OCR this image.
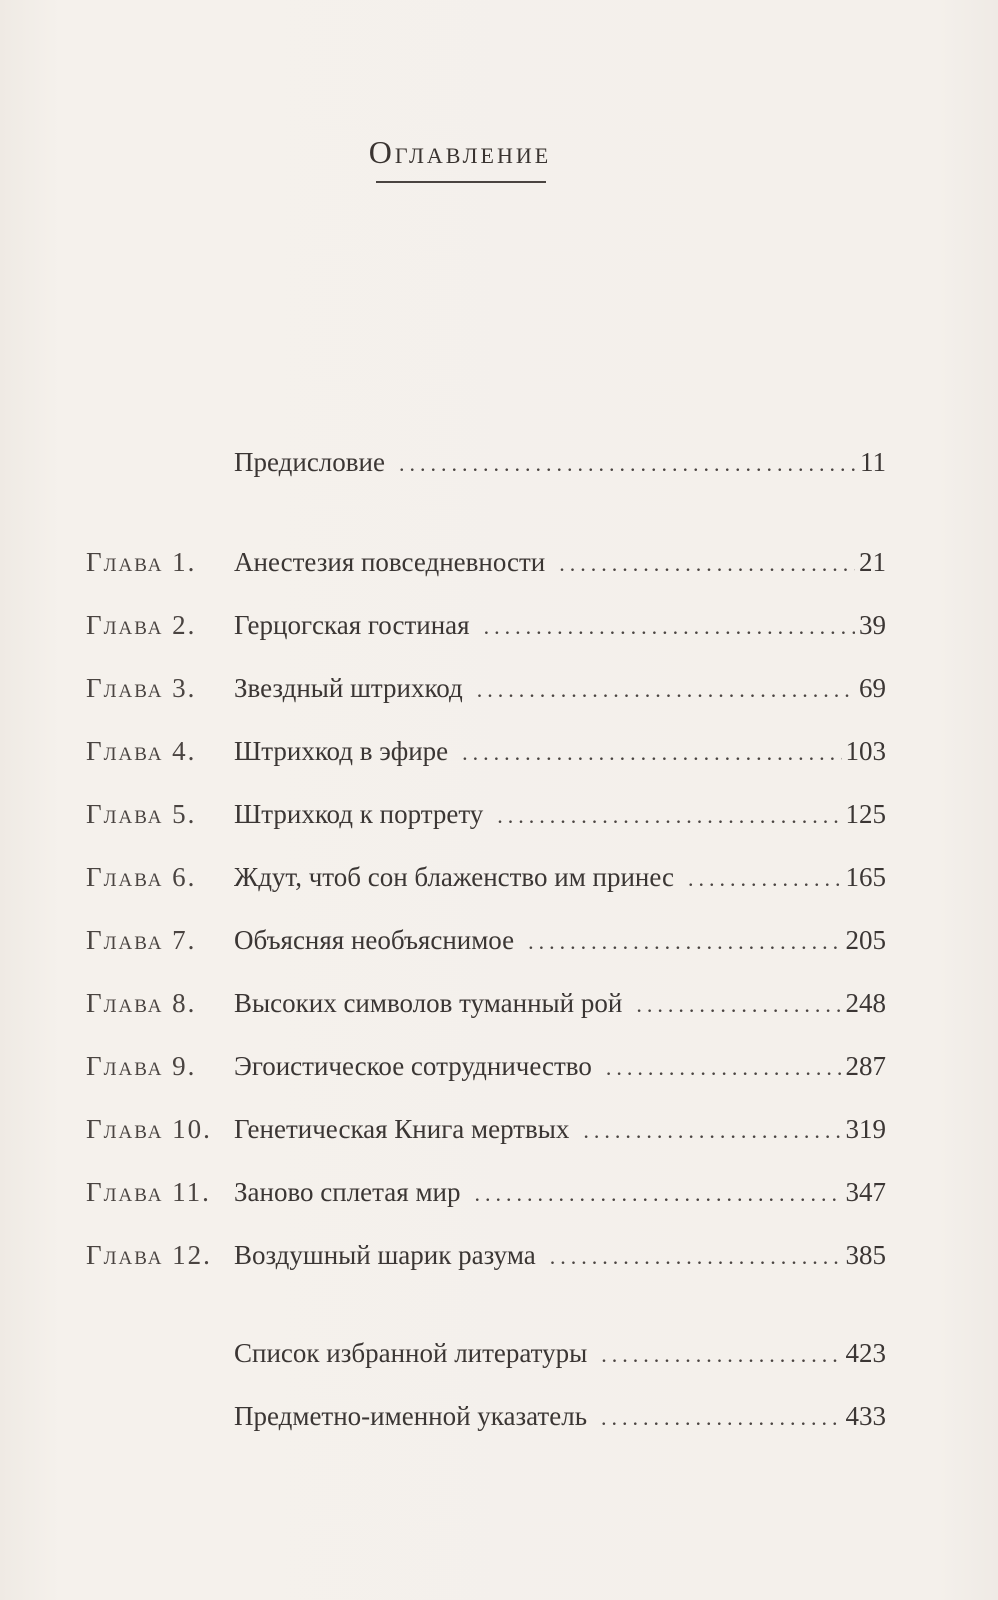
Оглавление
Предисловие .....	11
Глава 1. Анестезия повседневности .....	21
Глава 2. Герцогская гостиная .....	39
Глава 3. Звездный штрихкод .....	69
Глава 4. Штрихкод в эфире .....	103
Глава 5. Штрихкод к портрету .....	125
Глава 6. Ждут, чтоб сон блаженство им принес .....	165
Глава 7. Объясняя необъяснимое .....	205
Глава 8. Высоких символов туманный рой .....	248
Глава 9. Эгоистическое сотрудничество .....	287
Глава 10. Генетическая Книга мертвых .....	319
Глава 11. Заново сплетая мир .....	347
Глава 12. Воздушный шарик разума .....	385
Список избранной литературы .....	423
Предметно-именной указатель .....	433
